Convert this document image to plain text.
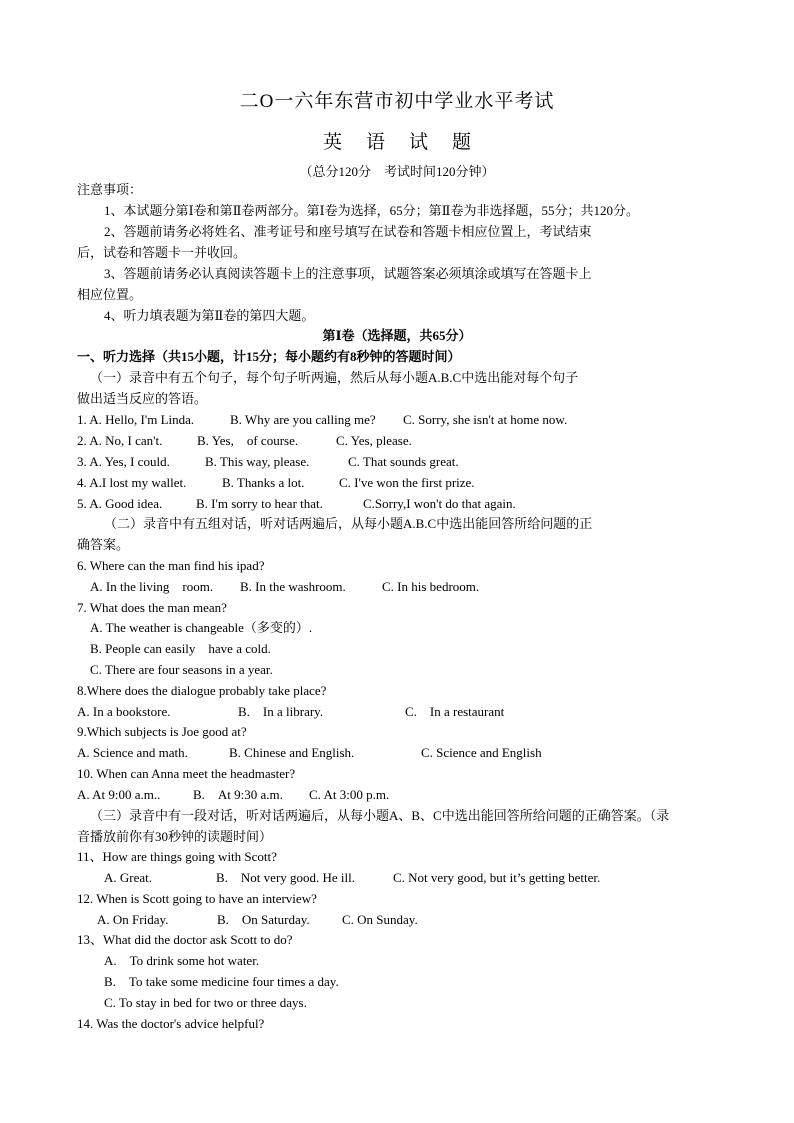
二O一六年东营市初中学业水平考试
英 语 试 题
（总分120分　考试时间120分钟）
注意事项：
1、本试题分第Ⅰ卷和第Ⅱ卷两部分。第Ⅰ卷为选择，65分；第Ⅱ卷为非选择题，55分；共120分。
2、答题前请务必将姓名、准考证号和座号填写在试卷和答题卡相应位置上，考试结束
后，试卷和答题卡一并收回。
3、答题前请务必认真阅读答题卡上的注意事项，试题答案必须填涂或填写在答题卡上
相应位置。
4、听力填表题为第Ⅱ卷的第四大题。
第Ⅰ卷（选择题，共65分）
一、听力选择（共15小题，计15分；每小题约有8秒钟的答题时间）
（一）录音中有五个句子，每个句子听两遍，然后从每小题A.B.C中选出能对每个句子
做出适当反应的答语。
1. A. Hello, I'm Linda.	B. Why are you calling me? C. Sorry, she isn't at home now.
2. A. No, I can't.	B. Yes,　of course.	C. Yes, please.
3. A. Yes, I could.	B. This way, please.	C. That sounds great.
4. A.I lost my wallet.	B. Thanks a lot.	C. I've won the first prize.
5. A. Good idea.	B. I'm sorry to hear that.	C.Sorry,I won't do that again.
（二）录音中有五组对话，听对话两遍后，从每小题A.B.C中选出能回答所给问题的正
确答案。
6. Where can the man find his ipad?
A. In the living　room. B. In the washroom.	C. In his bedroom.
7. What does the man mean?
A. The weather is changeable（多变的）.
B. People can easily　have a cold.
C. There are four seasons in a year.
8.Where does the dialogue probably take place?
A. In a bookstore.	B.　In a library.	C.　In a restaurant
9.Which subjects is Joe good at?
A. Science and math.	B. Chinese and English.	C. Science and English
10. When can Anna meet the headmaster?
A. At 9:00 a.m..	B.　At 9:30 a.m. C. At 3:00 p.m.
（三）录音中有一段对话，听对话两遍后，从每小题A、B、C中选出能回答所给问题的正确答案。（录
音播放前你有30秒钟的读题时间）
11、How are things going with Scott?
A. Great.	B.　Not very good. He ill.	C. Not very good, but it’s getting better.
12. When is Scott going to have an interview?
A. On Friday.	B.　On Saturday. C. On Sunday.
13、What did the doctor ask Scott to do?
A.　To drink some hot water.
B.　To take some medicine four times a day.
C. To stay in bed for two or three days.
14. Was the doctor's advice helpful?
